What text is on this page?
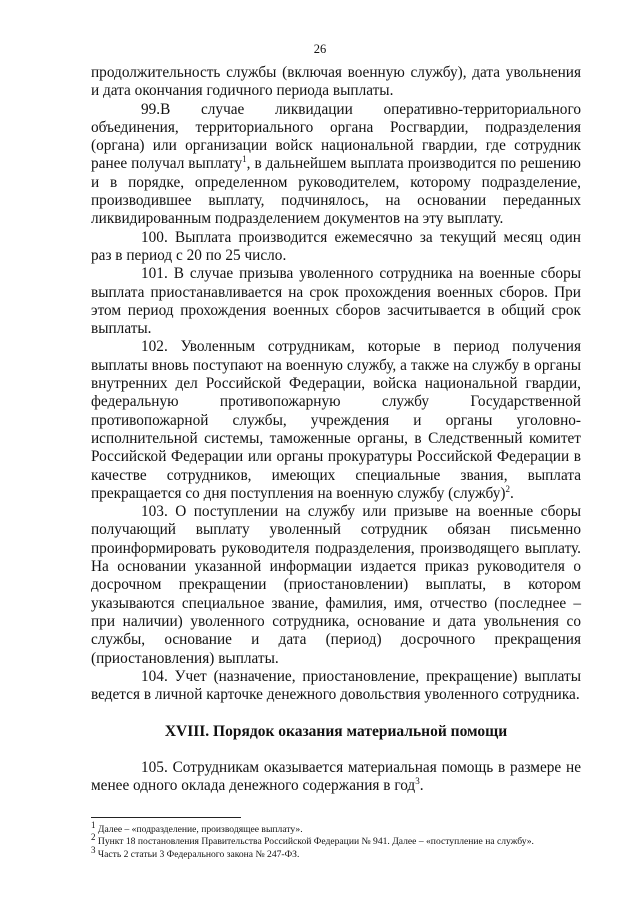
26

продолжительность службы (включая военную службу), дата увольнения и дата окончания годичного периода выплаты.

99.В случае ликвидации оперативно-территориального объединения, территориального органа Росгвардии, подразделения (органа) или организации войск национальной гвардии, где сотрудник ранее получал выплату$^1$, в дальнейшем выплата производится по решению и в порядке, определенном руководителем, которому подразделение, производившее выплату, подчинялось, на основании переданных ликвидированным подразделением документов на эту выплату.

100. Выплата производится ежемесячно за текущий месяц один раз в период с 20 по 25 число.

101. В случае призыва уволенного сотрудника на военные сборы выплата приостанавливается на срок прохождения военных сборов. При этом период прохождения военных сборов засчитывается в общий срок выплаты.

102. Уволенным сотрудникам, которые в период получения выплаты вновь поступают на военную службу, а также на службу в органы внутренних дел Российской Федерации, войска национальной гвардии, федеральную противопожарную службу Государственной противопожарной службы, учреждения и органы уголовно-исполнительной системы, таможенные органы, в Следственный комитет Российской Федерации или органы прокуратуры Российской Федерации в качестве сотрудников, имеющих специальные звания, выплата прекращается со дня поступления на военную службу (службу)$^2$.

103. О поступлении на службу или призыве на военные сборы получающий выплату уволенный сотрудник обязан письменно проинформировать руководителя подразделения, производящего выплату. На основании указанной информации издается приказ руководителя о досрочном прекращении (приостановлении) выплаты, в котором указываются специальное звание, фамилия, имя, отчество (последнее – при наличии) уволенного сотрудника, основание и дата увольнения со службы, основание и дата (период) досрочного прекращения (приостановления) выплаты.

104. Учет (назначение, приостановление, прекращение) выплаты ведется в личной карточке денежного довольствия уволенного сотрудника.

XVIII. Порядок оказания материальной помощи

105. Сотрудникам оказывается материальная помощь в размере не менее одного оклада денежного содержания в год$^3$.

$^1$ Далее – «подразделение, производящее выплату».

$^2$ Пункт 18 постановления Правительства Российской Федерации № 941. Далее – «поступление на службу».

$^3$ Часть 2 статьи 3 Федерального закона № 247-ФЗ.
